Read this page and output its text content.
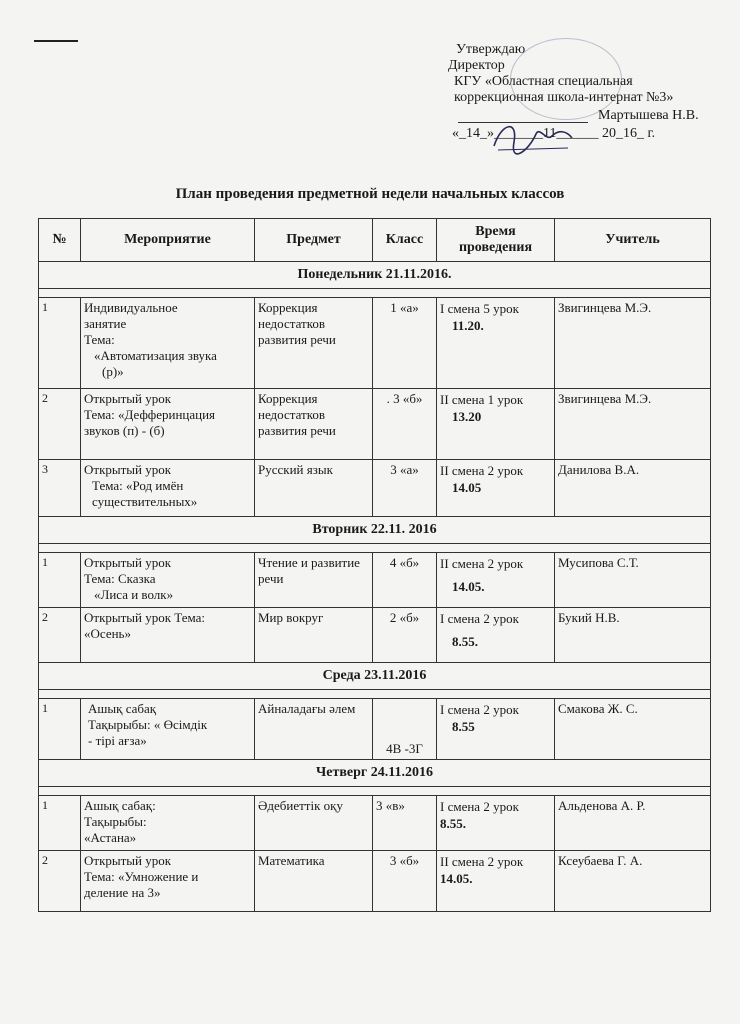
Утверждаю
Директор
КГУ «Областная специальная
коррекционная школа-интернат №3»
Мартышева Н.В.
«_14_»_______11______ 20_16_ г.
План проведения предметной недели начальных классов
№	Мероприятие	Предмет	Класс	Время проведения	Учитель
Понедельник 21.11.2016.					

1	Индивидуальное
занятие
Тема:
«Автоматизация звука
(р)»	Коррекция недостатков развития речи	1 «а»	I смена 5 урок
11.20.	Звигинцева М.Э.
2	Открытый урок
Тема: «Дефферинцация
звуков (п) - (б)	Коррекция недостатков развития речи	. 3 «б»	II смена 1 урок
13.20	Звигинцева М.Э.
3	Открытый урок
Тема: «Род имён
существительных»	Русский язык	3 «а»	II смена 2 урок
14.05	Данилова В.А.
Вторник 22.11. 2016					

1	Открытый урок
Тема: Сказка
«Лиса и волк»	Чтение и развитие речи	4 «б»	II смена 2 урок
14.05.	Мусипова С.Т.
2	Открытый урок Тема:
«Осень»	Мир вокруг	2 «б»	I смена 2 урок
8.55.	Букий Н.В.
Среда 23.11.2016					

1	Ашық сабақ
Тақырыбы: « Өсімдік
- тірі ағза»	Айналадағы әлем	4В -3Г	I смена 2 урок
8.55	Смакова Ж. С.
Четверг 24.11.2016					

1	Ашық сабақ:
Тақырыбы:
«Астана»	Әдебиеттік оқу	3 «в»	I смена 2 урок
8.55.	Альденова А. Р.
2	Открытый урок
Тема: «Умножение и
деление на 3»	Математика	3 «б»	II смена 2 урок
14.05.	Ксеубаева Г. А.
